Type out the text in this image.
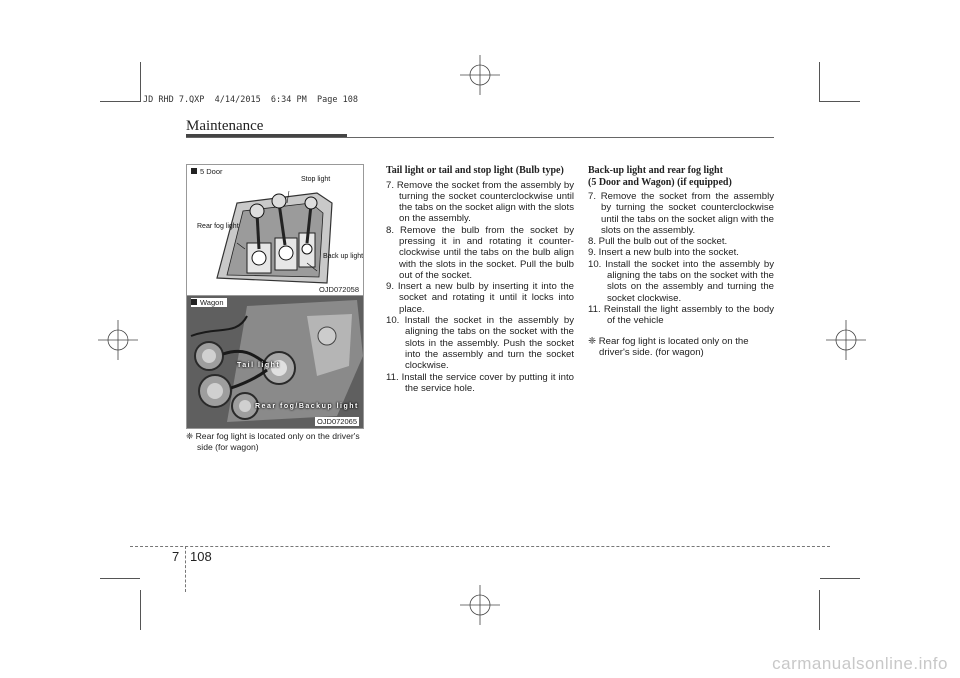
JD RHD 7.QXP  4/14/2015  6:34 PM  Page 108
Maintenance
5 Door
Stop light
Rear fog light
Back up light
OJD072058
Wagon
Tail light
Rear fog/Backup light
OJD072065

❈ Rear fog light is located only on the driver's side (for wagon)

Tail light or tail and stop light (Bulb type)

7. Remove the socket from the assembly by turning the socket counterclockwise until the tabs on the socket align with the slots on the assembly.

8. Remove the bulb from the socket by pressing it in and rotating it counter-clockwise until the tabs on the bulb align with the slots in the socket. Pull the bulb out of the socket.

9. Insert a new bulb by inserting it into the socket and rotating it until it locks into place.

10. Install the socket in the assembly by aligning the tabs on the socket with the slots in the assembly. Push the socket into the assembly and turn the socket clockwise.

11. Install the service cover by putting it into the service hole.

Back-up light and rear fog light
(5 Door and Wagon) (if equipped)

7. Remove the socket from the assembly by turning the socket counterclockwise until the tabs on the socket align with the slots on the assembly.

8. Pull the bulb out of the socket.

9. Insert a new bulb into the socket.

10. Install the socket into the assembly by aligning the tabs on the socket with the slots on the assembly and turning the socket clockwise.

11. Reinstall the light assembly to the body of the vehicle

❈ Rear fog light is located only on the driver's side. (for wagon)

7 108
carmanualsonline.info
